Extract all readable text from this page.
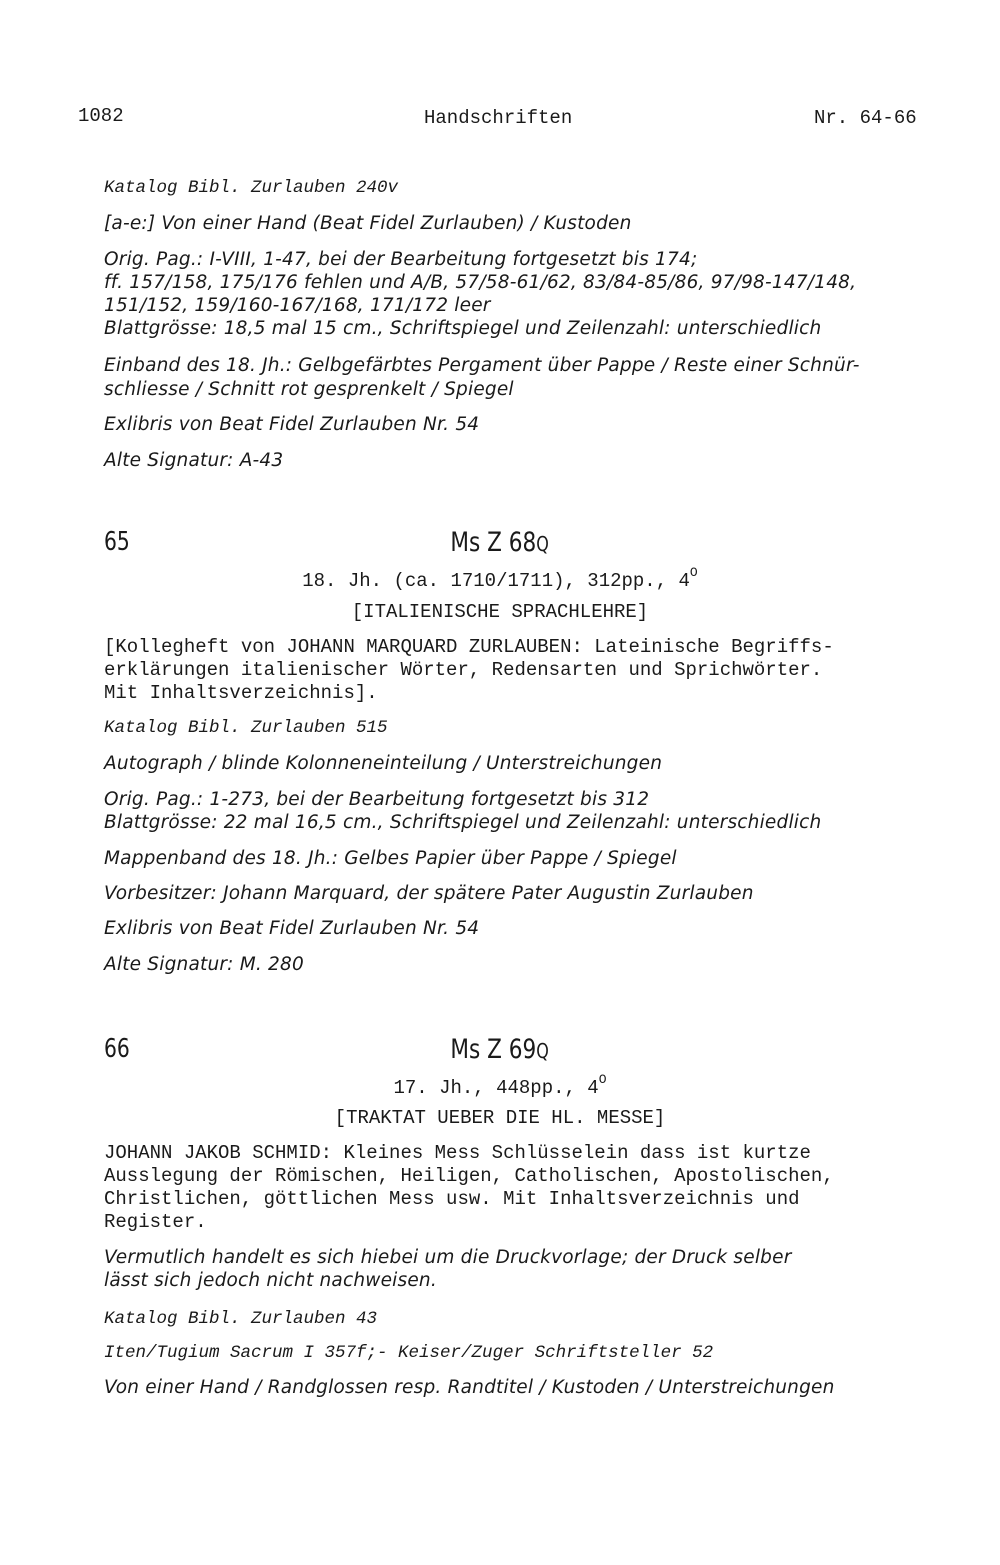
1082	Handschriften	Nr. 64-66
Katalog Bibl. Zurlauben 240v
[a-e:] Von einer Hand (Beat Fidel Zurlauben) / Kustoden
Orig. Pag.: I-VIII, 1-47, bei der Bearbeitung fortgesetzt bis 174;
ff. 157/158, 175/176 fehlen und A/B, 57/58-61/62, 83/84-85/86, 97/98-147/148,
151/152, 159/160-167/168, 171/172 leer
Blattgrösse: 18,5 mal 15 cm., Schriftspiegel und Zeilenzahl: unterschiedlich
Einband des 18. Jh.: Gelbgefärbtes Pergament über Pappe / Reste einer Schnür-
schliesse / Schnitt rot gesprenkelt / Spiegel
Exlibris von Beat Fidel Zurlauben Nr. 54
Alte Signatur: A-43
65	Ms Z 68Q
18. Jh. (ca. 1710/1711), 312pp., $4^O$
[ITALIENISCHE SPRACHLEHRE]
[Kollegheft von JOHANN MARQUARD ZURLAUBEN: Lateinische Begriffs-
erklärungen italienischer Wörter, Redensarten und Sprichwörter.
Mit Inhaltsverzeichnis].
Katalog Bibl. Zurlauben 515
Autograph / blinde Kolonneneinteilung / Unterstreichungen
Orig. Pag.: 1-273, bei der Bearbeitung fortgesetzt bis 312
Blattgrösse: 22 mal 16,5 cm., Schriftspiegel und Zeilenzahl: unterschiedlich
Mappenband des 18. Jh.: Gelbes Papier über Pappe / Spiegel
Vorbesitzer: Johann Marquard, der spätere Pater Augustin Zurlauben
Exlibris von Beat Fidel Zurlauben Nr. 54
Alte Signatur: M. 280
66	Ms Z 69Q
17. Jh., 448pp., $4^O$
[TRAKTAT UEBER DIE HL. MESSE]
JOHANN JAKOB SCHMID: Kleines Mess Schlüsselein dass ist kurtze
Ausslegung der Römischen, Heiligen, Catholischen, Apostolischen,
Christlichen, göttlichen Mess usw. Mit Inhaltsverzeichnis und
Register.
Vermutlich handelt es sich hiebei um die Druckvorlage; der Druck selber
lässt sich jedoch nicht nachweisen.
Katalog Bibl. Zurlauben 43
Iten/Tugium Sacrum I 357f;- Keiser/Zuger Schriftsteller 52
Von einer Hand / Randglossen resp. Randtitel / Kustoden / Unterstreichungen
